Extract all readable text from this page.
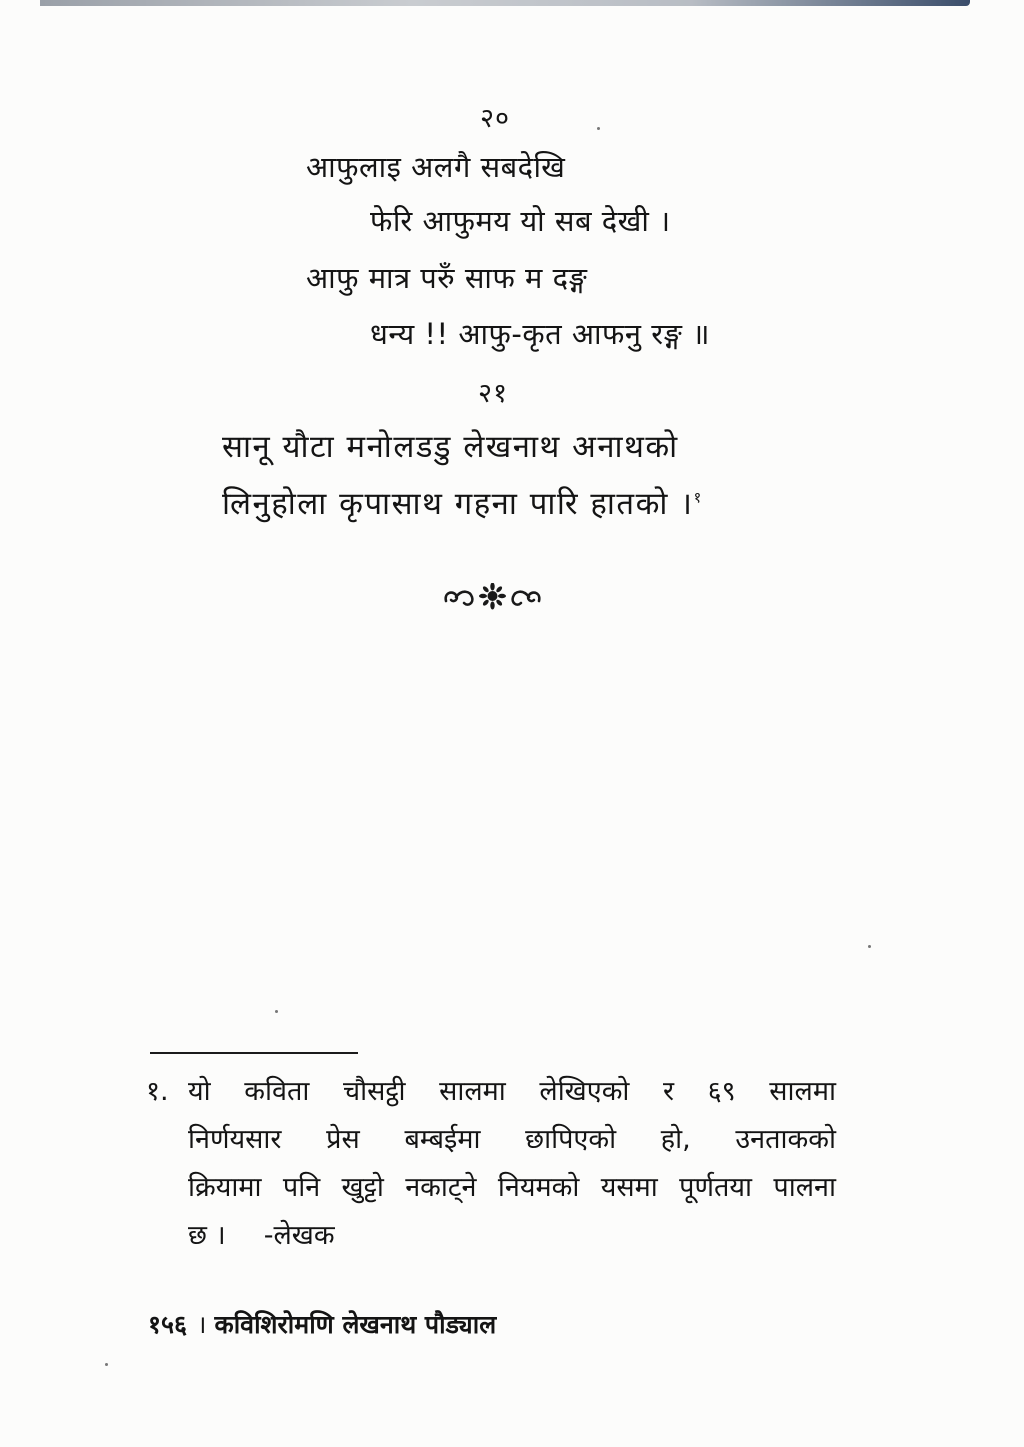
२०
आफुलाइ अलगै सबदेखि
फेरि आफुमय यो सब देखी ।
आफु मात्र परुँ साफ म दङ्ग
धन्य !! आफु-कृत आफनु रङ्ग ॥
२१
सानू यौटा मनोलडडु लेखनाथ अनाथको
लिनुहोला कृपासाथ गहना पारि हातको ।$^१$
१. यो कविता चौसट्ठी सालमा लेखिएको र ६९ सालमा
निर्णयसार प्रेस बम्बईमा छापिएको हो, उनताकको
क्रियामा पनि खुट्टो नकाट्ने नियमको यसमा पूर्णतया पालना
छ । -लेखक
१५६ । कविशिरोमणि लेखनाथ पौड्याल
